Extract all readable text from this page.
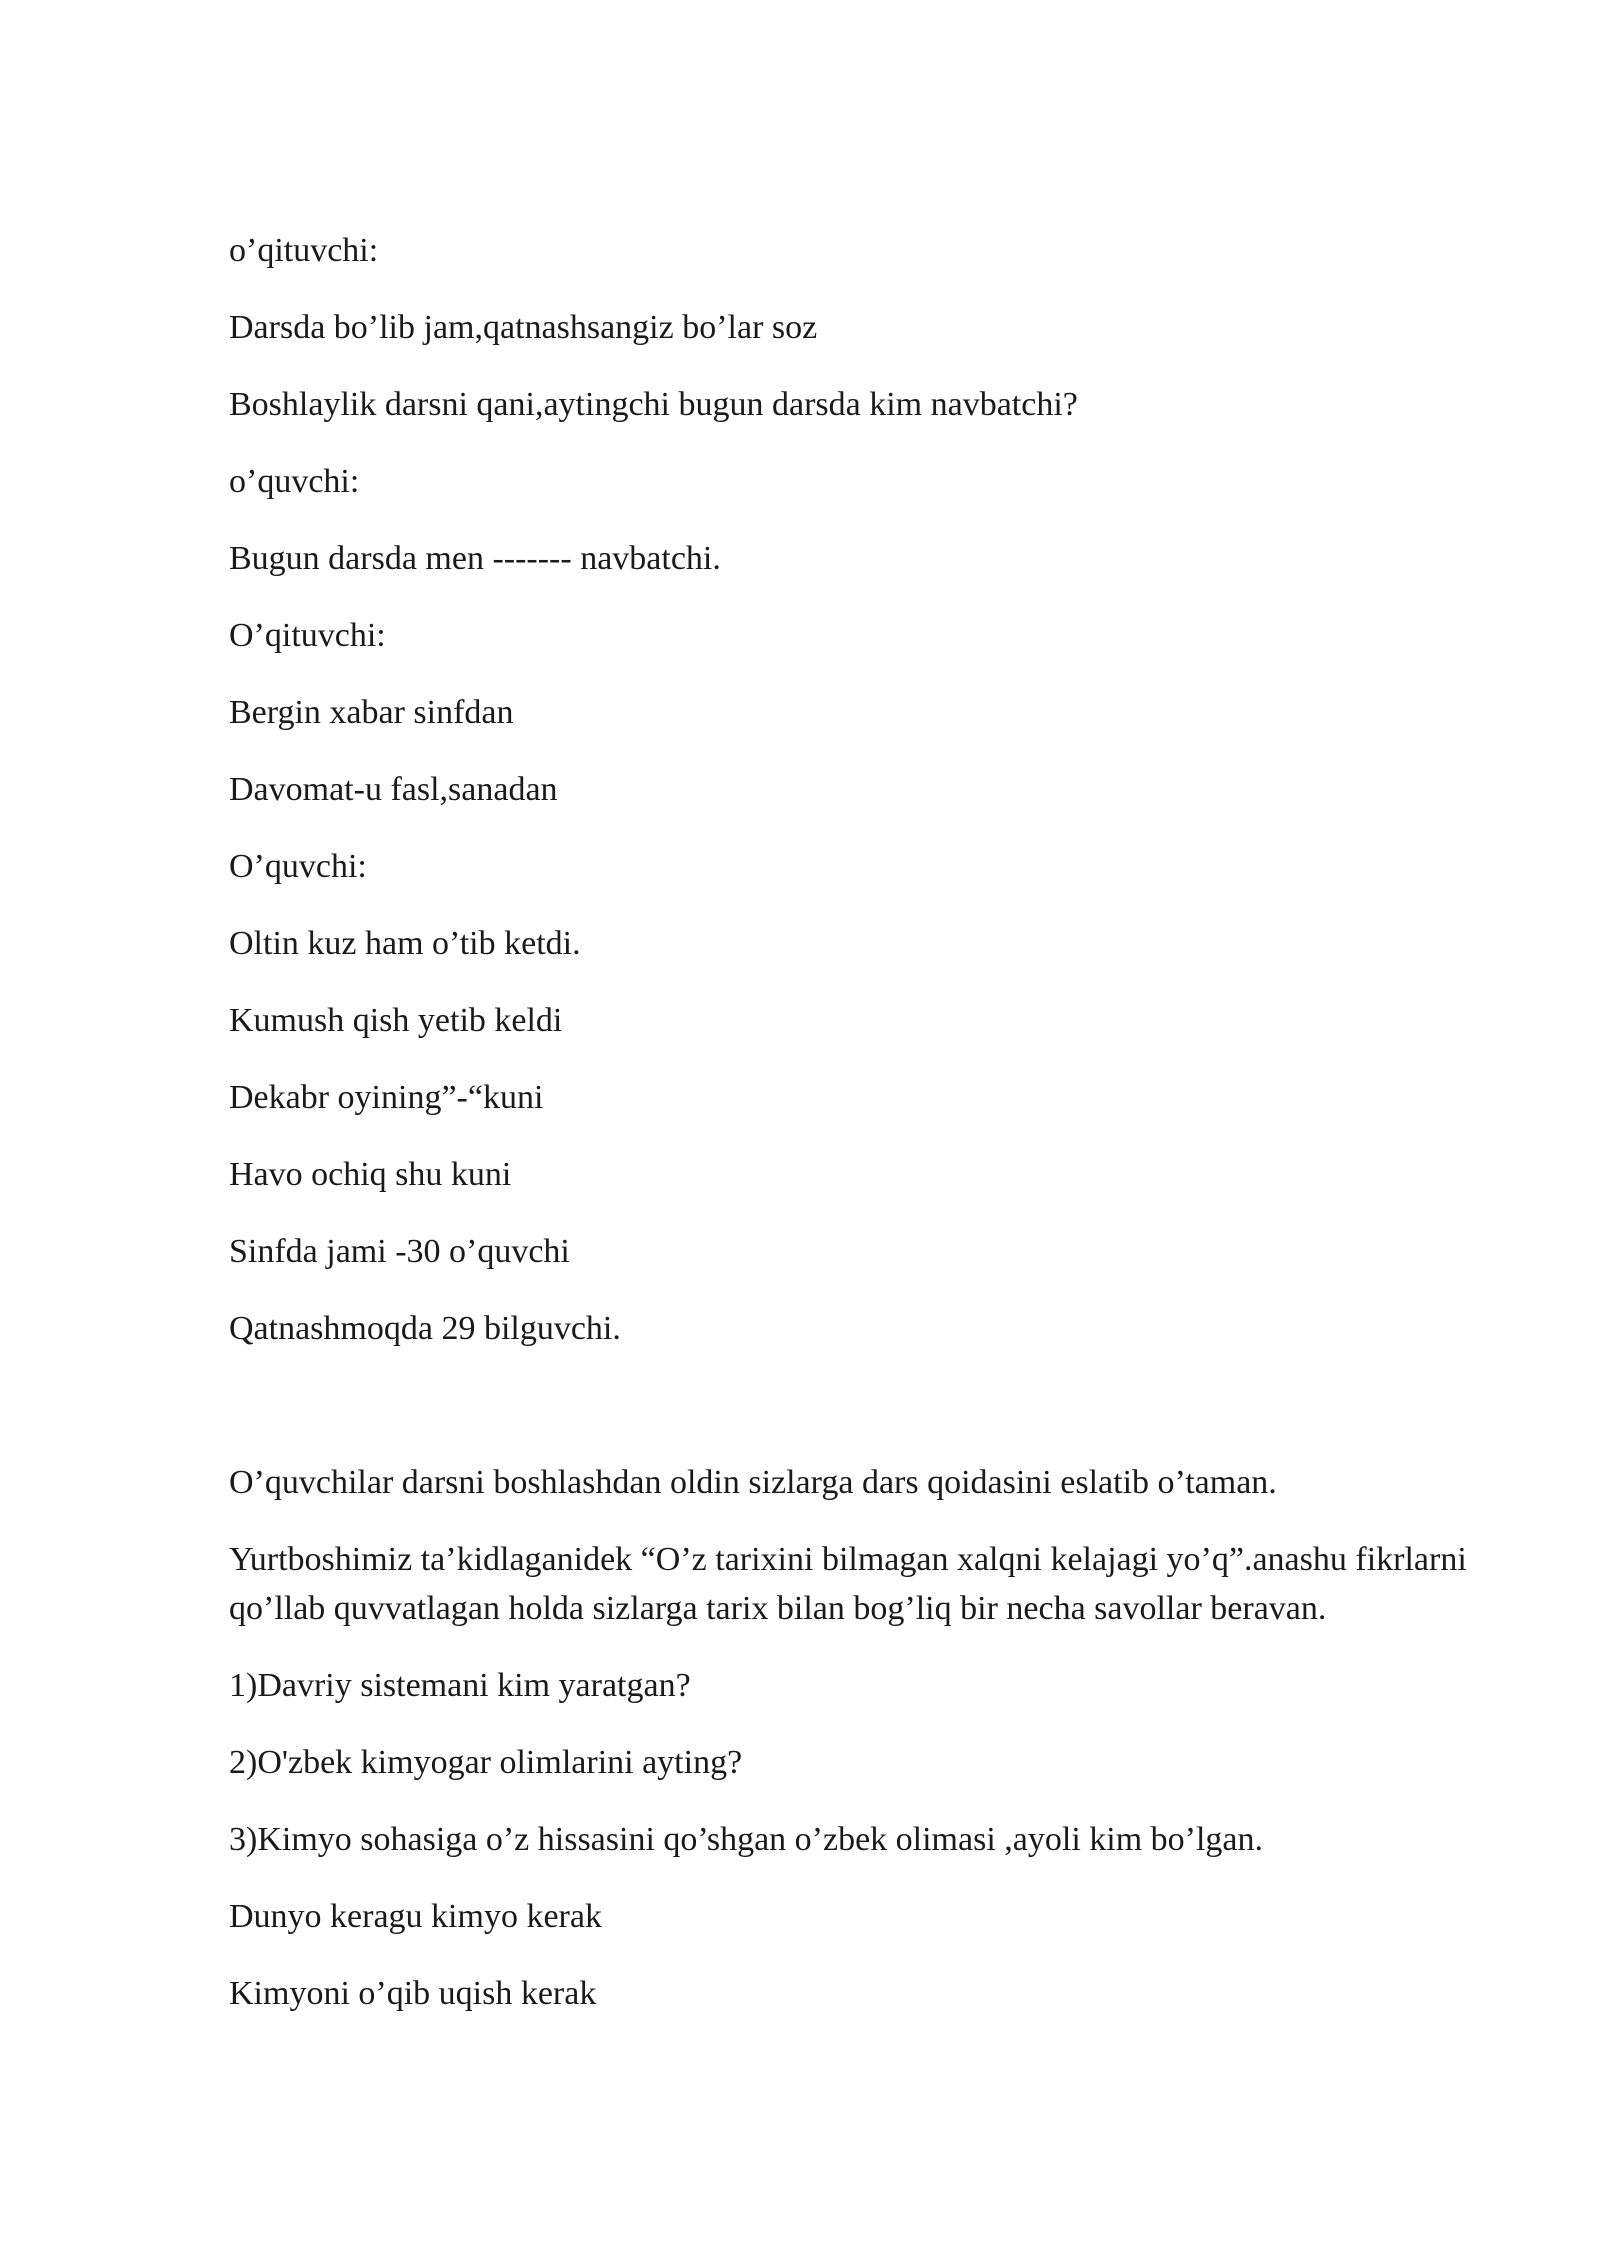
o’qituvchi:

Darsda bo’lib jam,qatnashsangiz bo’lar soz

Boshlaylik darsni qani,aytingchi bugun darsda kim navbatchi?

o’quvchi:

Bugun darsda men ------- navbatchi.

O’qituvchi:

Bergin xabar sinfdan

Davomat-u fasl,sanadan

O’quvchi:

Oltin kuz ham o’tib ketdi.

Kumush qish yetib keldi

Dekabr oyining”-“kuni

Havo ochiq shu kuni

Sinfda jami -30 o’quvchi

Qatnashmoqda 29 bilguvchi.

O’quvchilar darsni boshlashdan oldin sizlarga dars qoidasini eslatib o’taman.

Yurtboshimiz ta’kidlaganidek “O’z tarixini bilmagan xalqni kelajagi yo’q”.anashu fikrlarni qo’llab quvvatlagan holda sizlarga tarix bilan bog’liq bir necha savollar beravan.

1)Davriy sistemani kim yaratgan?

2)O'zbek kimyogar olimlarini ayting?

3)Kimyo sohasiga o’z hissasini qo’shgan o’zbek olimasi ,ayoli kim bo’lgan.

Dunyo keragu kimyo kerak

Kimyoni o’qib uqish kerak
